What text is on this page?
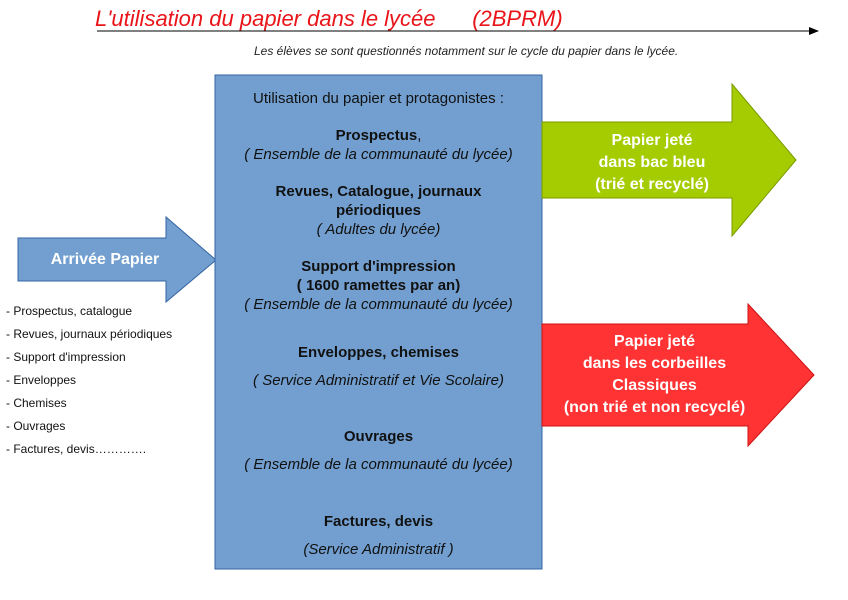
L'utilisation du papier dans le lycée      (2BPRM)
Les élèves se sont questionnés notamment sur le cycle du papier dans le lycée.
Arrivée Papier
- Prospectus, catalogue
- Revues, journaux périodiques
- Support d'impression
- Enveloppes
- Chemises
- Ouvrages
- Factures, devis………….
Utilisation du papier et protagonistes :
Prospectus,
( Ensemble de la communauté du lycée)
Revues, Catalogue, journaux
périodiques
( Adultes du lycée)
Support d'impression
( 1600 ramettes par an)
( Ensemble de la communauté du lycée)
Enveloppes, chemises
( Service Administratif et Vie Scolaire)
Ouvrages
( Ensemble de la communauté du lycée)
Factures, devis
(Service Administratif )
Papier jeté
dans bac bleu
(trié et recyclé)
Papier jeté
dans les corbeilles
Classiques
(non trié et non recyclé)
